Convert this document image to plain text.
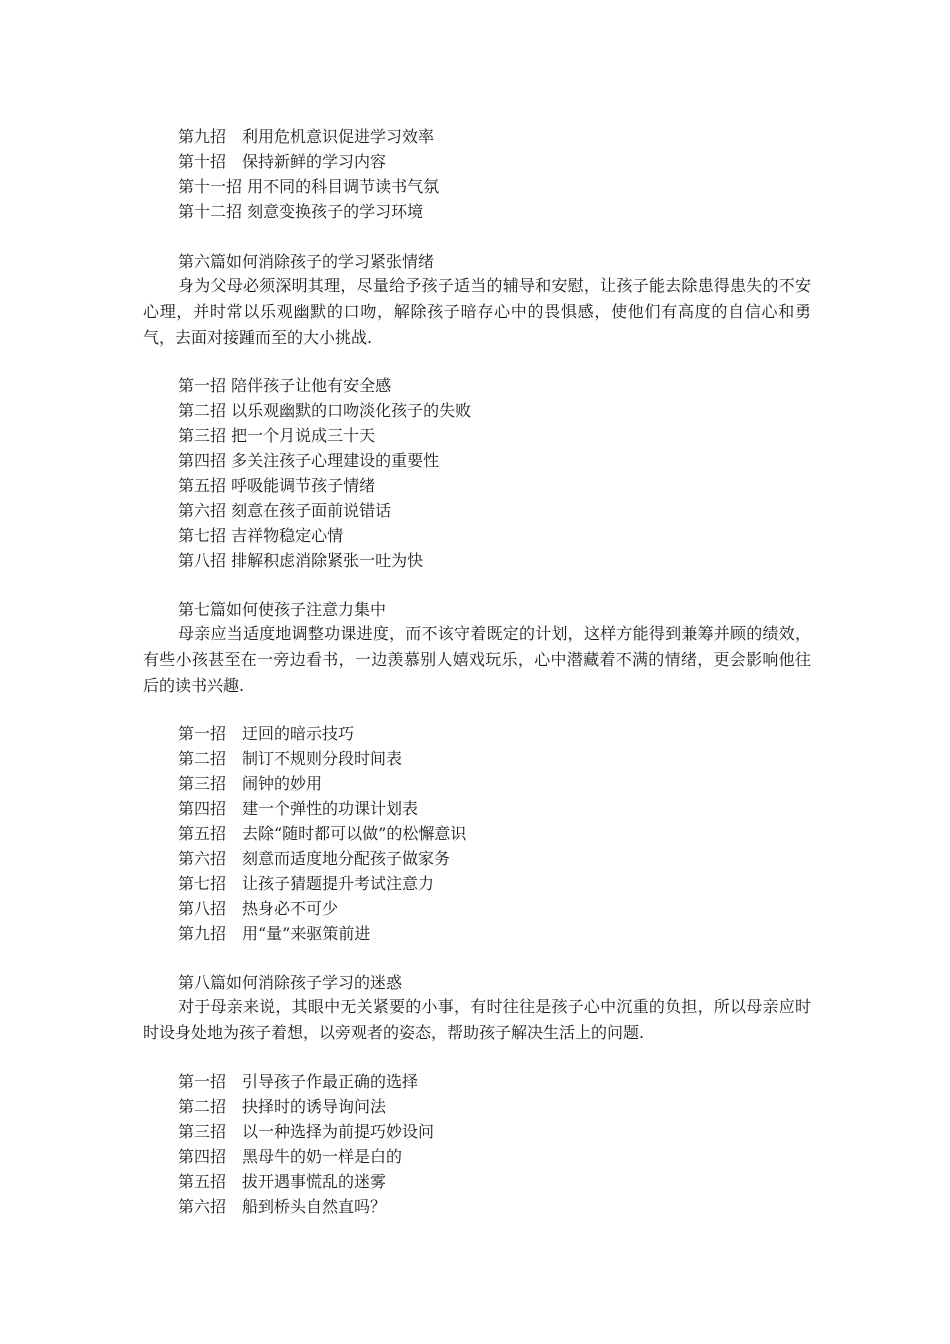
第九招　利用危机意识促进学习效率
第十招　保持新鲜的学习内容
第十一招 用不同的科目调节读书气氛
第十二招 刻意变换孩子的学习环境
第六篇如何消除孩子的学习紧张情绪

身为父母必须深明其理，尽量给予孩子适当的辅导和安慰，让孩子能去除患得患失的不安心理，并时常以乐观幽默的口吻，解除孩子暗存心中的畏惧感，使他们有高度的自信心和勇气，去面对接踵而至的大小挑战.

第一招 陪伴孩子让他有安全感
第二招 以乐观幽默的口吻淡化孩子的失败
第三招 把一个月说成三十天
第四招 多关注孩子心理建设的重要性
第五招 呼吸能调节孩子情绪
第六招 刻意在孩子面前说错话
第七招 吉祥物稳定心情
第八招 排解积虑消除紧张一吐为快
第七篇如何使孩子注意力集中

母亲应当适度地调整功课进度，而不该守着既定的计划，这样方能得到兼筹并顾的绩效，有些小孩甚至在一旁边看书，一边羡慕别人嬉戏玩乐，心中潜藏着不满的情绪，更会影响他往后的读书兴趣.

第一招　迂回的暗示技巧
第二招　制订不规则分段时间表
第三招　闹钟的妙用
第四招　建一个弹性的功课计划表
第五招　去除“随时都可以做”的松懈意识
第六招　刻意而适度地分配孩子做家务
第七招　让孩子猜题提升考试注意力
第八招　热身必不可少
第九招　用“量”来驱策前进
第八篇如何消除孩子学习的迷惑

对于母亲来说，其眼中无关紧要的小事，有时往往是孩子心中沉重的负担，所以母亲应时时设身处地为孩子着想，以旁观者的姿态，帮助孩子解决生活上的问题.

第一招　引导孩子作最正确的选择
第二招　抉择时的诱导询问法
第三招　以一种选择为前提巧妙设问
第四招　黑母牛的奶一样是白的
第五招　拔开遇事慌乱的迷雾
第六招　船到桥头自然直吗？
